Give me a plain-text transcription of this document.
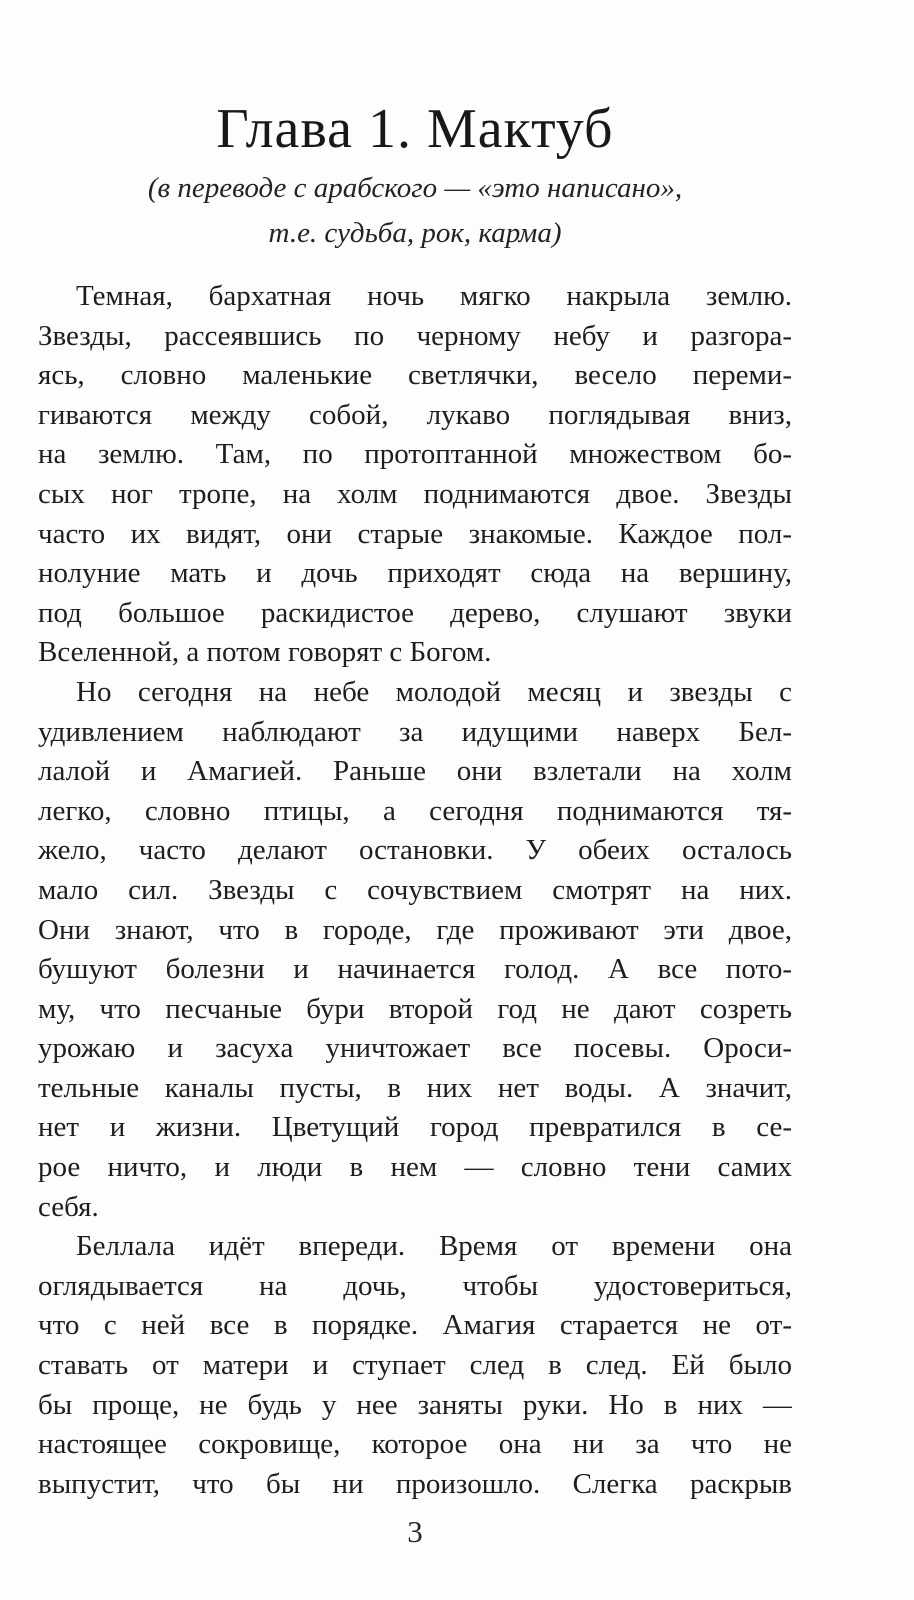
Глава 1. Мактуб
(в переводе с арабского — «это написано»,
т.е. судьба, рок, карма)
Темная, бархатная ночь мягко накрыла землю.
Звезды, рассеявшись по черному небу и разгора-
ясь, словно маленькие светлячки, весело переми-
гиваются между собой, лукаво поглядывая вниз,
на землю. Там, по протоптанной множеством бо-
сых ног тропе, на холм поднимаются двое. Звезды
часто их видят, они старые знакомые. Каждое пол-
нолуние мать и дочь приходят сюда на вершину,
под большое раскидистое дерево, слушают звуки
Вселенной, а потом говорят с Богом.
Но сегодня на небе молодой месяц и звезды с
удивлением наблюдают за идущими наверх Бел-
лалой и Амагией. Раньше они взлетали на холм
легко, словно птицы, а сегодня поднимаются тя-
жело, часто делают остановки. У обеих осталось
мало сил. Звезды с сочувствием смотрят на них.
Они знают, что в городе, где проживают эти двое,
бушуют болезни и начинается голод. А все пото-
му, что песчаные бури второй год не дают созреть
урожаю и засуха уничтожает все посевы. Ороси-
тельные каналы пусты, в них нет воды. А значит,
нет и жизни. Цветущий город превратился в се-
рое ничто, и люди в нем — словно тени самих
себя.
Беллала идёт впереди. Время от времени она
оглядывается на дочь, чтобы удостовериться,
что с ней все в порядке. Амагия старается не от-
ставать от матери и ступает след в след. Ей было
бы проще, не будь у нее заняты руки. Но в них —
настоящее сокровище, которое она ни за что не
выпустит, что бы ни произошло. Слегка раскрыв
3
